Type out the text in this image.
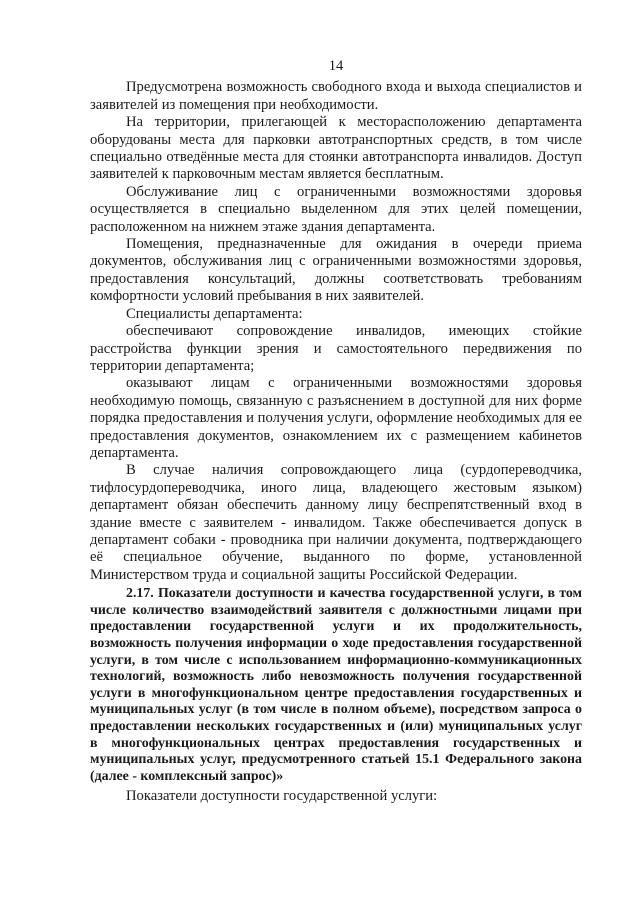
14

Предусмотрена возможность свободного входа и выхода специалистов и заявителей из помещения при необходимости.

На территории, прилегающей к месторасположению департамента оборудованы места для парковки автотранспортных средств, в том числе специально отведённые места для стоянки автотранспорта инвалидов. Доступ заявителей к парковочным местам является бесплатным.

Обслуживание лиц с ограниченными возможностями здоровья осуществляется в специально выделенном для этих целей помещении, расположенном на нижнем этаже здания департамента.

Помещения, предназначенные для ожидания в очереди приема документов, обслуживания лиц с ограниченными возможностями здоровья, предоставления консультаций, должны соответствовать требованиям комфортности условий пребывания в них заявителей.

Специалисты департамента:

обеспечивают сопровождение инвалидов, имеющих стойкие расстройства функции зрения и самостоятельного передвижения по территории департамента;

оказывают лицам с ограниченными возможностями здоровья необходимую помощь, связанную с разъяснением в доступной для них форме порядка предоставления и получения услуги, оформление необходимых для ее предоставления документов, ознакомлением их с размещением кабинетов департамента.

В случае наличия сопровождающего лица (сурдопереводчика, тифлосурдопереводчика, иного лица, владеющего жестовым языком) департамент обязан обеспечить данному лицу беспрепятственный вход в здание вместе с заявителем - инвалидом. Также обеспечивается допуск в департамент собаки - проводника при наличии документа, подтверждающего её специальное обучение, выданного по форме, установленной Министерством труда и социальной защиты Российской Федерации.

2.17. Показатели доступности и качества государственной услуги, в том числе количество взаимодействий заявителя с должностными лицами при предоставлении государственной услуги и их продолжительность, возможность получения информации о ходе предоставления государственной услуги, в том числе с использованием информационно-коммуникационных технологий, возможность либо невозможность получения государственной услуги в многофункциональном центре предоставления государственных и муниципальных услуг (в том числе в полном объеме), посредством запроса о предоставлении нескольких государственных и (или) муниципальных услуг в многофункциональных центрах предоставления государственных и муниципальных услуг, предусмотренного статьей 15.1 Федерального закона (далее - комплексный запрос)»

Показатели доступности государственной услуги:
